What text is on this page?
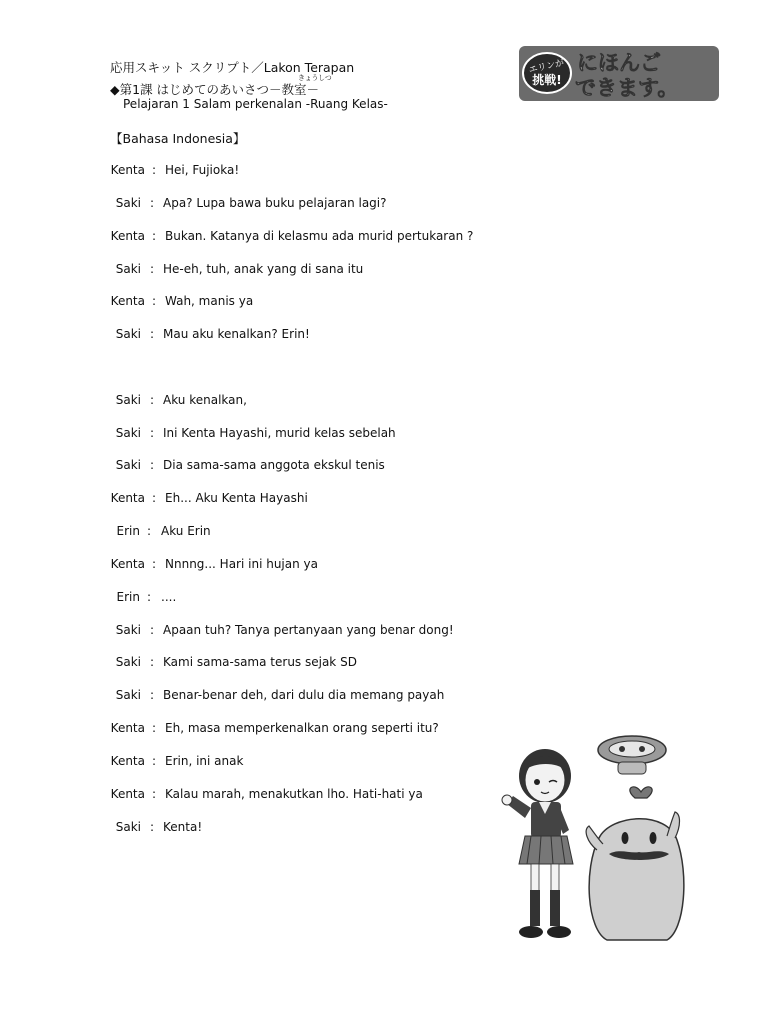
応用スキット スクリプト／Lakon Terapan
きょうしつ
◆第1課 はじめてのあいさつ－教室－
Pelajaran 1 Salam perkenalan -Ruang Kelas-
【Bahasa Indonesia】
エリンが
挑戦!
にほんご
できます。
Kenta : Hei, Fujioka!
Saki : Apa? Lupa bawa buku pelajaran lagi?
Kenta : Bukan. Katanya di kelasmu ada murid pertukaran ?
Saki : He-eh, tuh, anak yang di sana itu
Kenta : Wah, manis ya
Saki : Mau aku kenalkan? Erin!
Saki : Aku kenalkan,
Saki : Ini Kenta Hayashi, murid kelas sebelah
Saki : Dia sama-sama anggota ekskul tenis
Kenta : Eh... Aku Kenta Hayashi
Erin : Aku Erin
Kenta : Nnnng... Hari ini hujan ya
Erin : ....
Saki : Apaan tuh? Tanya pertanyaan yang benar dong!
Saki : Kami sama-sama terus sejak SD
Saki : Benar-benar deh, dari dulu dia memang payah
Kenta : Eh, masa memperkenalkan orang seperti itu?
Kenta : Erin, ini anak
Kenta : Kalau marah, menakutkan lho. Hati-hati ya
Saki : Kenta!
